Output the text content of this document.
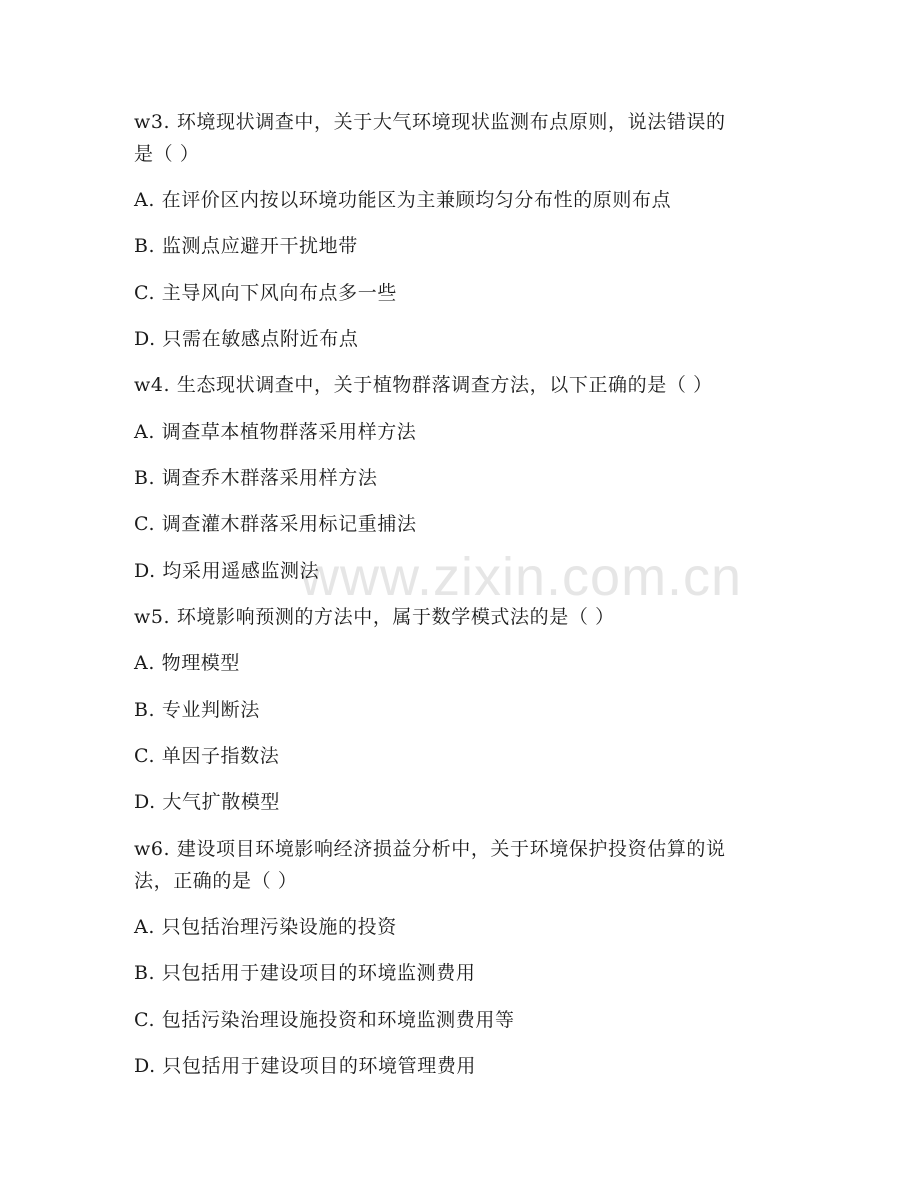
www.zixin.com.cn
w3. 环境现状调查中，关于大气环境现状监测布点原则，说法错误的
是（ ）
A. 在评价区内按以环境功能区为主兼顾均匀分布性的原则布点
B. 监测点应避开干扰地带
C. 主导风向下风向布点多一些
D. 只需在敏感点附近布点
w4. 生态现状调查中，关于植物群落调查方法，以下正确的是（ ）
A. 调查草本植物群落采用样方法
B. 调查乔木群落采用样方法
C. 调查灌木群落采用标记重捕法
D. 均采用遥感监测法
w5. 环境影响预测的方法中，属于数学模式法的是（ ）
A. 物理模型
B. 专业判断法
C. 单因子指数法
D. 大气扩散模型
w6. 建设项目环境影响经济损益分析中，关于环境保护投资估算的说
法，正确的是（ ）
A. 只包括治理污染设施的投资
B. 只包括用于建设项目的环境监测费用
C. 包括污染治理设施投资和环境监测费用等
D. 只包括用于建设项目的环境管理费用
